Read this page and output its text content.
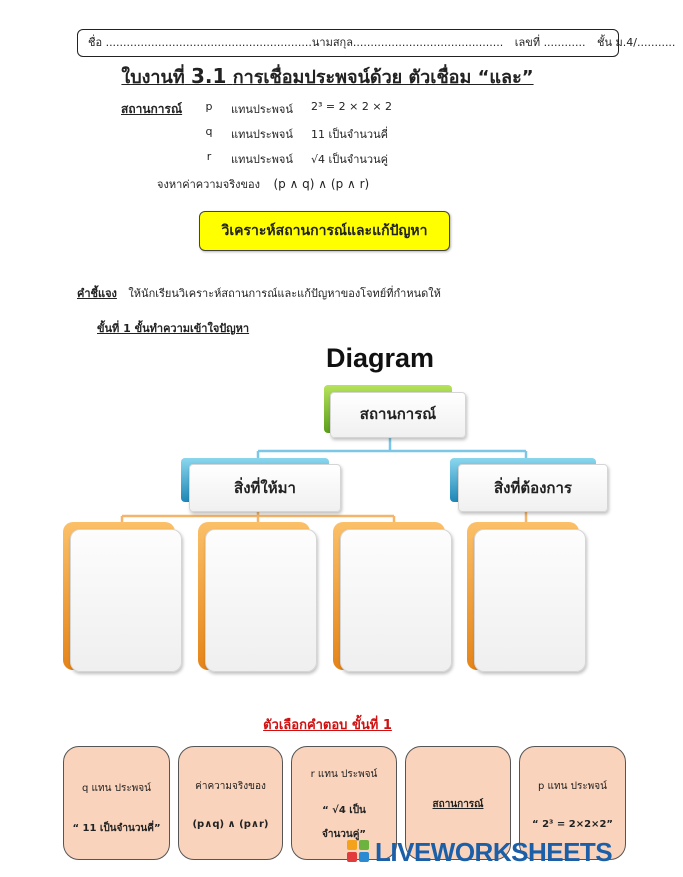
ชื่อ ...........................................................นามสกุล........................................... เลขที่ ............ ชั้น ม.4/...........
ใบงานที่ 3.1 การเชื่อมประพจน์ด้วย ตัวเชื่อม “และ”
สถานการณ์	p	แทนประพจน์ 2³ = 2 × 2 × 2
q	แทนประพจน์ 11 เป็นจำนวนคี่
r	แทนประพจน์ √4 เป็นจำนวนคู่
จงหาค่าความจริงของ (p ∧ q) ∧ (p ∧ r)
วิเคราะห์สถานการณ์และแก้ปัญหา
คำชี้แจง ให้นักเรียนวิเคราะห์สถานการณ์และแก้ปัญหาของโจทย์ที่กำหนดให้
ขั้นที่ 1 ขั้นทำความเข้าใจปัญหา
Diagram
สถานการณ์
สิ่งที่ให้มา	สิ่งที่ต้องการ
ตัวเลือกคำตอบ ขั้นที่ 1
q แทน ประพจน์
“ 11 เป็นจำนวนคี่”
ค่าความจริงของ
(p∧q) ∧ (p∧r)
r แทน ประพจน์
“ √4 เป็น
จำนวนคู่”
สถานการณ์
p แทน ประพจน์
“ 2³ = 2×2×2”
LIVEWORKSHEETS
